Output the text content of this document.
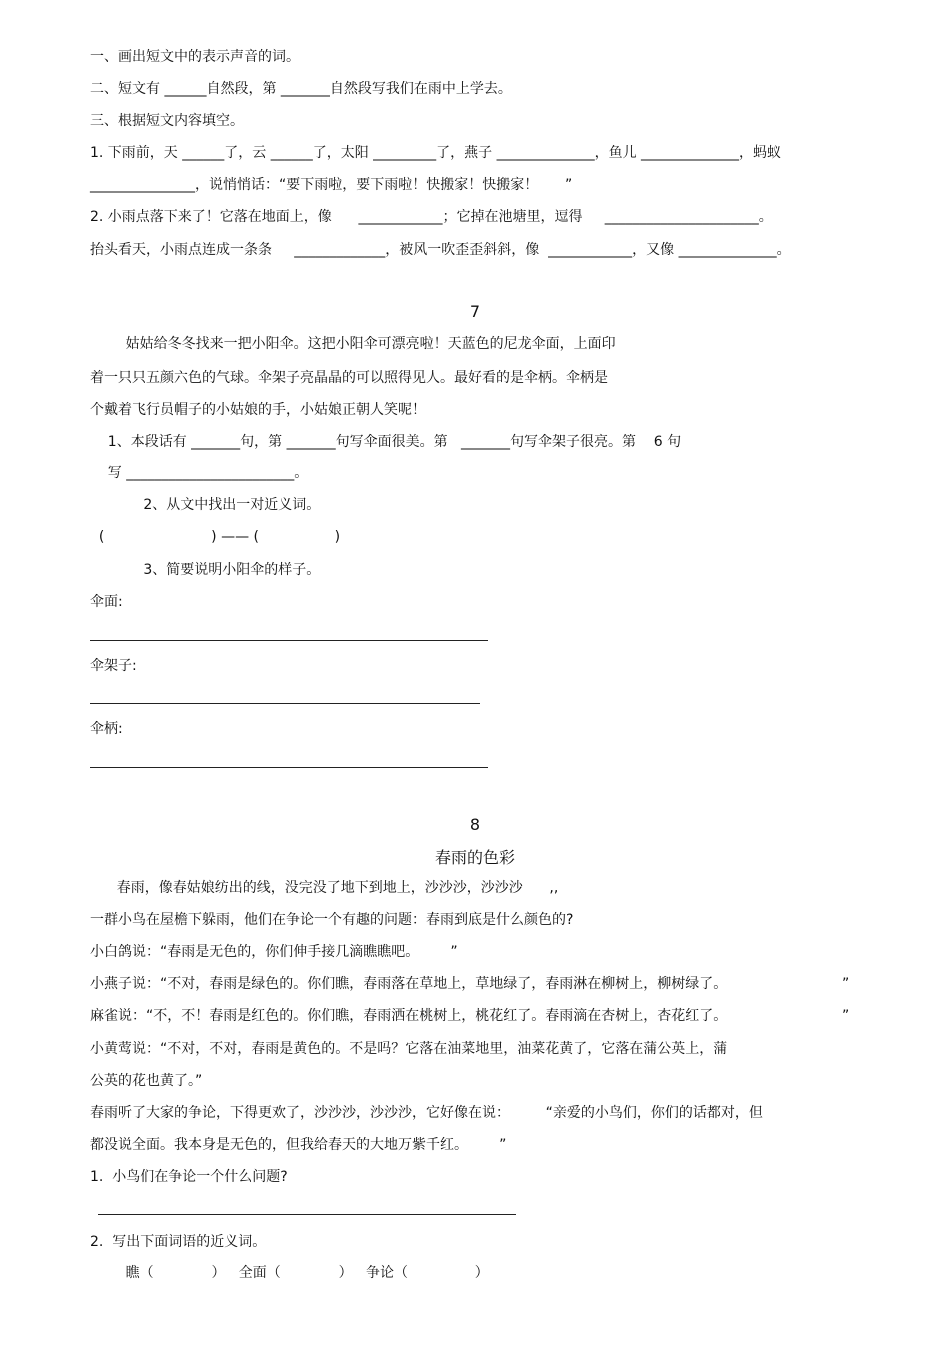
一、画出短文中的表示声音的词。
二、短文有 ______自然段，第 _______自然段写我们在雨中上学去。
三、根据短文内容填空。
1. 下雨前，天 ______了，云 ______了，太阳 _________了，燕子 ______________，鱼儿 ______________，蚂蚁
_______________，说悄悄话：“要下雨啦，要下雨啦！快搬家！快搬家！      ”
2. 小雨点落下来了！它落在地面上，像      ____________；它掉在池塘里，逗得     ______________________。
抬头看天，小雨点连成一条条     _____________，被风一吹歪歪斜斜，像  ____________，又像 ______________。
7
姑姑给冬冬找来一把小阳伞。这把小阳伞可漂亮啦！天蓝色的尼龙伞面，上面印
着一只只五颜六色的气球。伞架子亮晶晶的可以照得见人。最好看的是伞柄。伞柄是
个戴着飞行员帽子的小姑娘的手，小姑娘正朝人笑呢！
1、本段话有 _______句，第 _______句写伞面很美。第   _______句写伞架子很亮。第    6 句
写 ________________________。
2、从文中找出一对近义词。
(                        ) —— (                 )
3、简要说明小阳伞的样子。
伞面:
伞架子:
伞柄:
8
春雨的色彩
春雨，像春姑娘纺出的线，没完没了地下到地上，沙沙沙，沙沙沙      ,,
一群小鸟在屋檐下躲雨，他们在争论一个有趣的问题：春雨到底是什么颜色的?
小白鸽说：“春雨是无色的，你们伸手接几滴瞧瞧吧。       ”
小燕子说：“不对，春雨是绿色的。你们瞧，春雨落在草地上，草地绿了，春雨淋在柳树上，柳树绿了。	”
麻雀说：“不，不！春雨是红色的。你们瞧，春雨洒在桃树上，桃花红了。春雨滴在杏树上，杏花红了。	”
小黄莺说：“不对，不对，春雨是黄色的。不是吗？它落在油菜地里，油菜花黄了，它落在蒲公英上，蒲
公英的花也黄了。”
春雨听了大家的争论，下得更欢了，沙沙沙，沙沙沙，它好像在说：        “亲爱的小鸟们，你们的话都对，但
都没说全面。我本身是无色的，但我给春天的大地万紫千红。       ”
1.  小鸟们在争论一个什么问题?
2.  写出下面词语的近义词。
瞧（             ）   全面（             ）   争论（               ）
